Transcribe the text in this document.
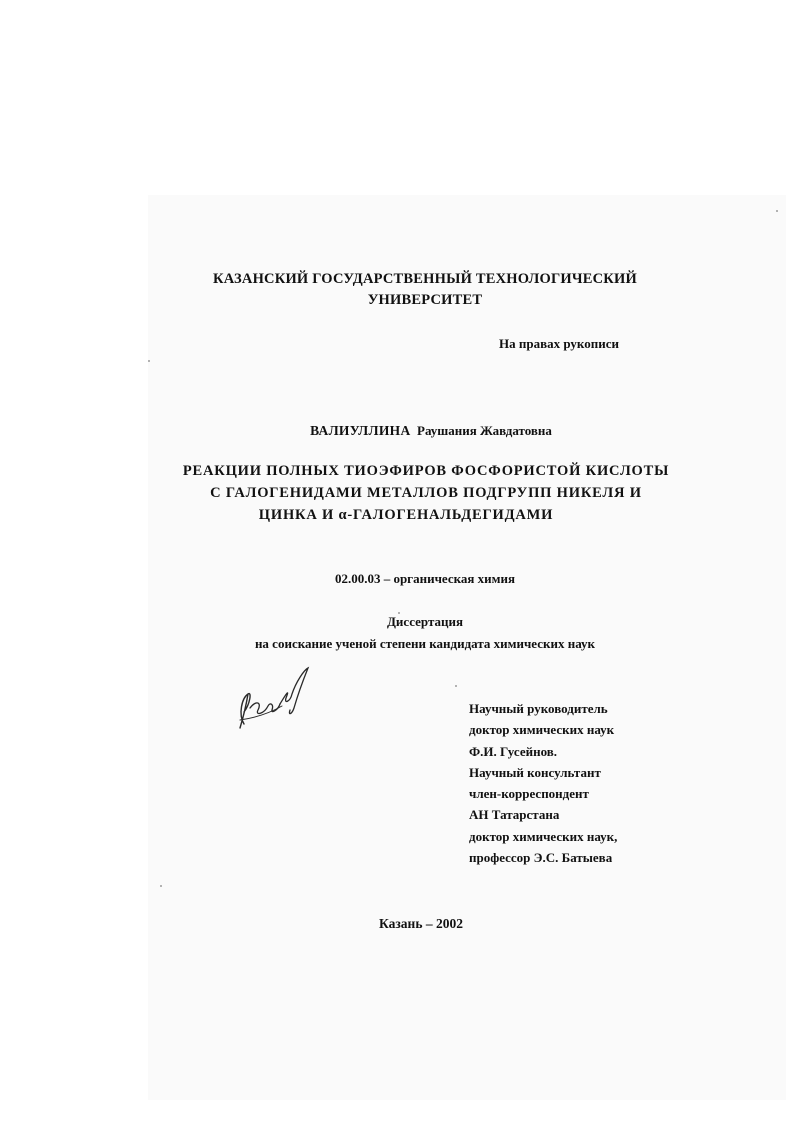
КАЗАНСКИЙ ГОСУДАРСТВЕННЫЙ ТЕХНОЛОГИЧЕСКИЙ
УНИВЕРСИТЕТ
На правах рукописи
ВАЛИУЛЛИНА Раушания Жавдатовна
РЕАКЦИИ ПОЛНЫХ ТИОЭФИРОВ ФОСФОРИСТОЙ КИСЛОТЫ
С ГАЛОГЕНИДАМИ МЕТАЛЛОВ ПОДГРУПП НИКЕЛЯ И
ЦИНКА И α-ГАЛОГЕНАЛЬДЕГИДАМИ
02.00.03 – органическая химия
Диссертация
на соискание ученой степени кандидата химических наук
Научный руководитель
доктор химических наук
Ф.И. Гусейнов.
Научный консультант
член-корреспондент
АН Татарстана
доктор химических наук,
профессор Э.С. Батыева
Казань – 2002
